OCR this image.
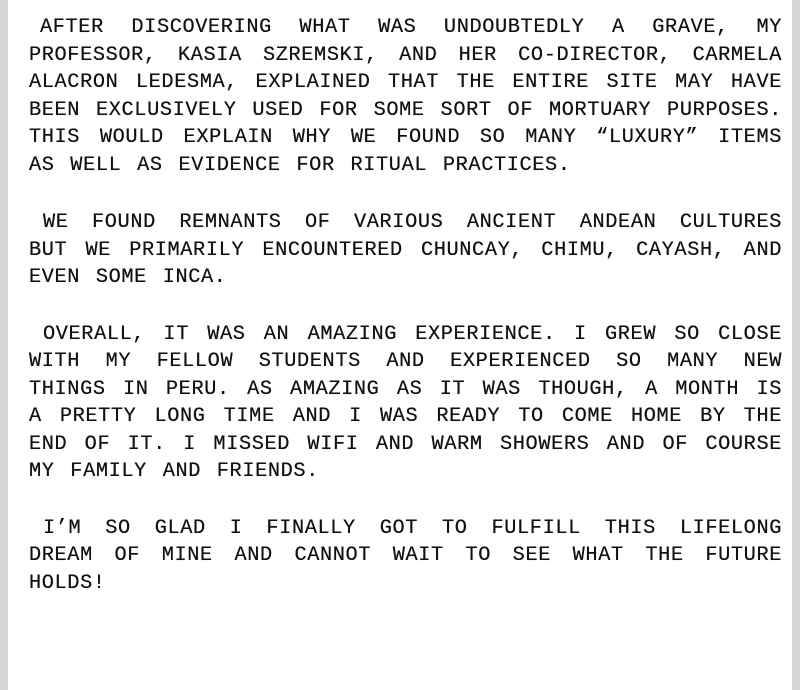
AFTER DISCOVERING WHAT WAS UNDOUBTEDLY A GRAVE, MY PROFESSOR, KASIA SZREMSKI, AND HER CO-DIRECTOR, CARMELA ALACRON LEDESMA, EXPLAINED THAT THE ENTIRE SITE MAY HAVE BEEN EXCLUSIVELY USED FOR SOME SORT OF MORTUARY PURPOSES. THIS WOULD EXPLAIN WHY WE FOUND SO MANY “LUXURY” ITEMS AS WELL AS EVIDENCE FOR RITUAL PRACTICES.

WE FOUND REMNANTS OF VARIOUS ANCIENT ANDEAN CULTURES BUT WE PRIMARILY ENCOUNTERED CHUNCAY, CHIMU, CAYASH, AND EVEN SOME INCA.

OVERALL, IT WAS AN AMAZING EXPERIENCE. I GREW SO CLOSE WITH MY FELLOW STUDENTS AND EXPERIENCED SO MANY NEW THINGS IN PERU. AS AMAZING AS IT WAS THOUGH, A MONTH IS A PRETTY LONG TIME AND I WAS READY TO COME HOME BY THE END OF IT. I MISSED WIFI AND WARM SHOWERS AND OF COURSE MY FAMILY AND FRIENDS.

I’M SO GLAD I FINALLY GOT TO FULFILL THIS LIFELONG DREAM OF MINE AND CANNOT WAIT TO SEE WHAT THE FUTURE HOLDS!
